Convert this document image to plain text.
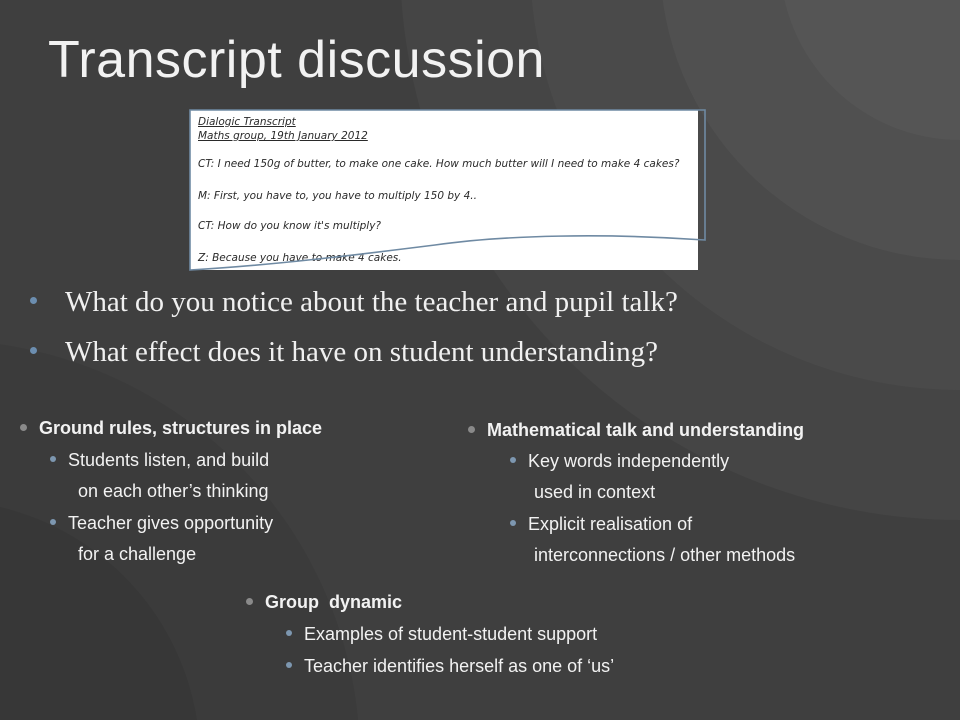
Transcript discussion
Dialogic Transcript
Maths group, 19th January 2012
CT: I need 150g of butter, to make one cake. How much butter will I need to make 4 cakes?
M: First, you have to, you have to multiply 150 by 4..
CT: How do you know it's multiply?
Z: Because you have to make 4 cakes.
What do you notice about the teacher and pupil talk?
What effect does it have on student understanding?
Ground rules, structures in place
Students listen, and build
on each other’s thinking
Teacher gives opportunity
for a challenge
Mathematical talk and understanding
Key words independently
used in context
Explicit realisation of
interconnections / other methods
Group  dynamic
Examples of student-student support
Teacher identifies herself as one of ‘us’
